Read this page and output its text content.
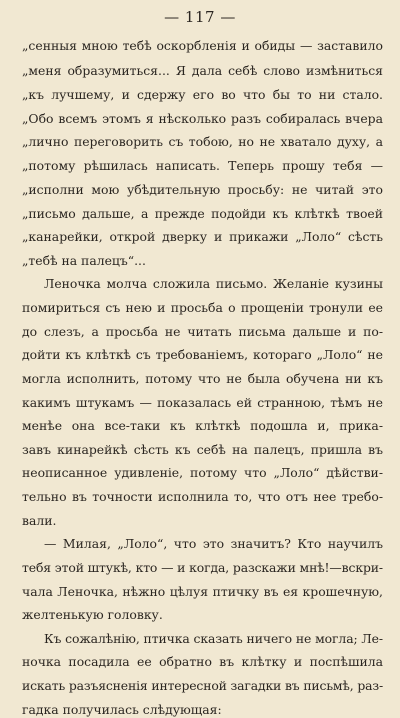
— 117 —
„сенныя мною тебѣ оскорбленія и обиды — заставило
„меня образумиться... Я дала себѣ слово измѣниться
„къ лучшему, и сдержу его во что бы то ни стало.
„Обо всемъ этомъ я нѣсколько разъ собиралась вчера
„лично переговорить съ тобою, но не хватало духу, а
„потому рѣшилась написать. Теперь прошу тебя —
„исполни мою убѣдительную просьбу: не читай это
„письмо дальше, а прежде подойди къ клѣткѣ твоей
„канарейки, открой дверку и прикажи „Лоло“ сѣсть
„тебѣ на палецъ“...
Леночка молча сложила письмо. Желаніе кузины
помириться съ нею и просьба о прощеніи тронули ее
до слезъ, а просьба не читать письма дальше и по-
дойти къ клѣткѣ съ требованіемъ, котораго „Лоло“ не
могла исполнить, потому что не была обучена ни къ
какимъ штукамъ — показалась ей странною, тѣмъ не
менѣе она все-таки къ клѣткѣ подошла и, прика-
завъ кинарейкѣ сѣсть къ себѣ на палецъ, пришла въ
неописанное удивленіе, потому что „Лоло“ дѣйстви-
тельно въ точности исполнила то, что отъ нее требо-
вали.
— Милая, „Лоло“, что это значитъ? Кто научилъ
тебя этой штукѣ, кто — и когда, разскажи мнѣ!—вскри-
чала Леночка, нѣжно цѣлуя птичку въ ея крошечную,
желтенькую головку.
Къ сожалѣнію, птичка сказать ничего не могла; Ле-
ночка посадила ее обратно въ клѣтку и поспѣшила
искать разъясненія интересной загадки въ письмѣ, раз-
гадка получилась слѣдующая:
